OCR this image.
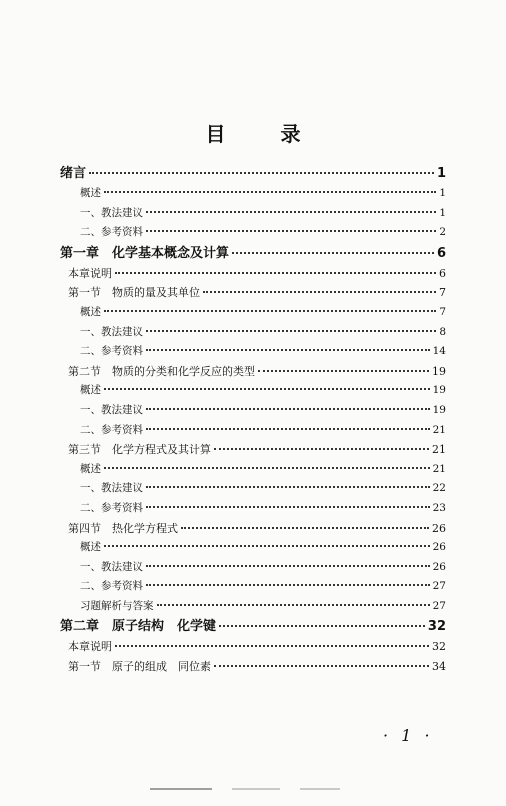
目 录
绪言	1
概述	1
一、教法建议	1
二、参考资料	2
第一章　化学基本概念及计算	6
本章说明	6
第一节　物质的量及其单位	7
概述	7
一、教法建议	8
二、参考资料	14
第二节　物质的分类和化学反应的类型	19
概述	19
一、教法建议	19
二、参考资料	21
第三节　化学方程式及其计算	21
概述	21
一、教法建议	22
二、参考资料	23
第四节　热化学方程式	26
概述	26
一、教法建议	26
二、参考资料	27
习题解析与答案	27
第二章　原子结构　化学键	32
本章说明	32
第一节　原子的组成　同位素	34
· 1 ·
